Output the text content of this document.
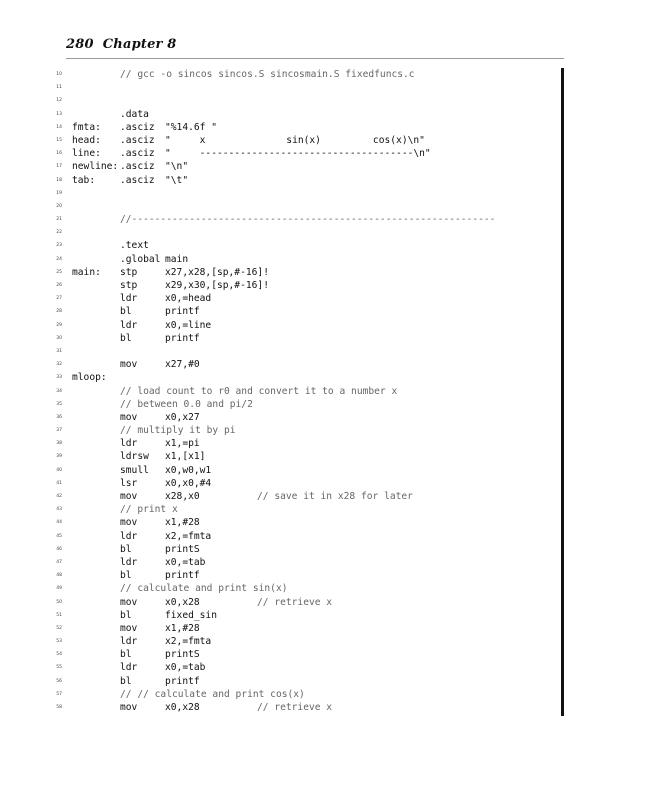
280 Chapter 8
10	// gcc -o sincos sincos.S sincosmain.S fixedfuncs.c
11
12
13	.data
14 fmta: .asciz "%14.6f "
15 head: .asciz "     x              sin(x)         cos(x)\n"
16 line: .asciz "     -------------------------------------\n"
17 newline: .asciz "\n"
18 tab:	.asciz "\t"
19
20
21	//---------------------------------------------------------------
22
23	.text
24	.global main
25 main: stp	x27,x28,[sp,#-16]!
26	stp	x29,x30,[sp,#-16]!
27	ldr	x0,=head
28	bl	printf
29	ldr	x0,=line
30	bl	printf
31
32	mov	x27,#0
33 mloop:
34	// load count to r0 and convert it to a number x
35	// between 0.0 and pi/2
36	mov	x0,x27
37	// multiply it by pi
38	ldr	x1,=pi
39	ldrsw x1,[x1]
40	smull x0,w0,w1
41	lsr	x0,x0,#4
42	mov	x28,x0	// save it in x28 for later
43	// print x
44	mov	x1,#28
45	ldr	x2,=fmta
46	bl	printS
47	ldr	x0,=tab
48	bl	printf
49	// calculate and print sin(x)
50	mov	x0,x28	// retrieve x
51	bl	fixed_sin
52	mov	x1,#28
53	ldr	x2,=fmta
54	bl	printS
55	ldr	x0,=tab
56	bl	printf
57	// // calculate and print cos(x)
58	mov	x0,x28	// retrieve x
